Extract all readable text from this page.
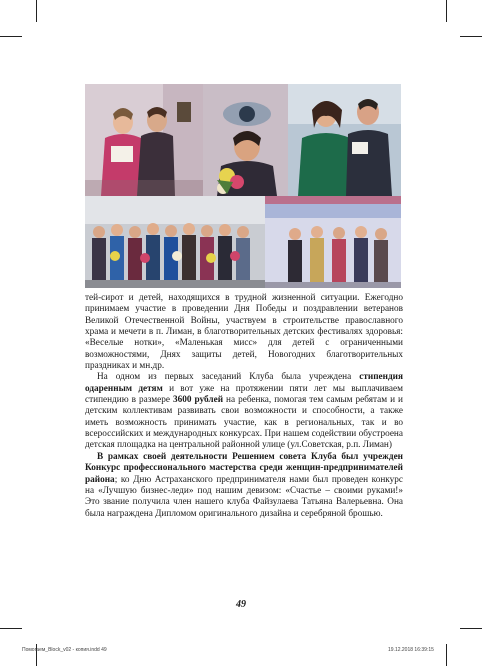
тей-сирот и детей, находящихся в трудной жизненной ситуации. Ежегодно принимаем участие в проведении Дня Победы и поздравлении ветеранов Великой Отечественной Войны, участвуем в строительстве православного храма и мечети в п. Лиман, в благотворительных детских фестивалях здоровья: «Веселые нотки», «Маленькая мисс» для детей с ограниченными возможностями, Днях защиты детей, Новогодних благотворительных праздниках и мн.др.

На одном из первых заседаний Клуба была учреждена стипендия одаренным детям и вот уже на протяжении пяти лет мы выплачиваем стипендию в размере 3600 рублей на ребенка, помогая тем самым ребятам и и детским коллективам развивать свои возможности и способности, а также иметь возможность принимать участие, как в региональных, так и во всероссийских и международных конкурсах. При нашем содействии обустроена детская площадка на центральной районной улице (ул.Советская, р.п. Лиман)

В рамках своей деятельности Решением совета Клуба был учрежден Конкурс профессионального мастерства среди женщин-предпринимателей района; ко Дню Астраханского предпринимателя нами был проведен конкурс на «Лучшую бизнес-леди» под нашим девизом: «Счастье – своими руками!» Это звание получила член нашего клуба Файзулаева Татьяна Валерьевна. Она была награждена Дипломом оригинального дизайна и серебряной брошью.

49
Помогаем_Block_v02 - копия.indd 49	19.12.2018 16:39:15
